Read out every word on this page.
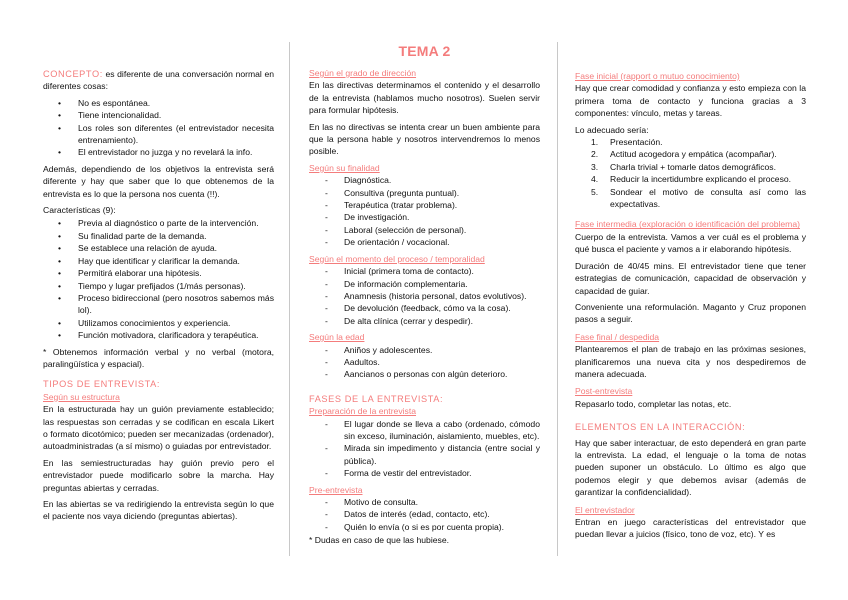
TEMA 2

CONCEPTO: es diferente de una conversación normal en diferentes cosas:

• No es espontánea.
• Tiene intencionalidad.
• Los roles son diferentes (el entrevistador necesita entrenamiento).
• El entrevistador no juzga y no revelará la info.

Además, dependiendo de los objetivos la entrevista será diferente y hay que saber que lo que obtenemos de la entrevista es lo que la persona nos cuenta (!!).

Características (9):

• Previa al diagnóstico o parte de la intervención.
• Su finalidad parte de la demanda.
• Se establece una relación de ayuda.
• Hay que identificar y clarificar la demanda.
• Permitirá elaborar una hipótesis.
• Tiempo y lugar prefijados (1/más personas).
• Proceso bidireccional (pero nosotros sabemos más lol).
• Utilizamos conocimientos y experiencia.
• Función motivadora, clarificadora y terapéutica.

* Obtenemos información verbal y no verbal (motora, paralingüística y espacial).

TIPOS DE ENTREVISTA:
Según su estructura

En la estructurada hay un guión previamente establecido; las respuestas son cerradas y se codifican en escala Likert o formato dicotómico; pueden ser mecanizadas (ordenador), autoadministradas (a sí mismo) o guiadas por entrevistador.

En las semiestructuradas hay guión previo pero el entrevistador puede modificarlo sobre la marcha. Hay preguntas abiertas y cerradas.

En las abiertas se va redirigiendo la entrevista según lo que el paciente nos vaya diciendo (preguntas abiertas).

Según el grado de dirección

En las directivas determinamos el contenido y el desarrollo de la entrevista (hablamos mucho nosotros). Suelen servir para formular hipótesis.

En las no directivas se intenta crear un buen ambiente para que la persona hable y nosotros intervendremos lo menos posible.

Según su finalidad
- Diagnóstica.
- Consultiva (pregunta puntual).
- Terapéutica (tratar problema).
- De investigación.
- Laboral (selección de personal).
- De orientación / vocacional.
Según el momento del proceso / temporalidad
- Inicial (primera toma de contacto).
- De información complementaria.
- Anamnesis (historia personal, datos evolutivos).
- De devolución (feedback, cómo va la cosa).
- De alta clínica (cerrar y despedir).
Según la edad
- Aniños y adolescentes.
- Aadultos.
- Aancianos o personas con algún deterioro.
FASES DE LA ENTREVISTA:
Preparación de la entrevista
- El lugar donde se lleva a cabo (ordenado, cómodo sin exceso, iluminación, aislamiento, muebles, etc).
- Mirada sin impedimento y distancia (entre social y pública).
- Forma de vestir del entrevistador.
Pre-entrevista
- Motivo de consulta.
- Datos de interés (edad, contacto, etc).
- Quién lo envía (o si es por cuenta propia).

* Dudas en caso de que las hubiese.

Fase inicial (rapport o mutuo conocimiento)

Hay que crear comodidad y confianza y esto empieza con la primera toma de contacto y funciona gracias a 3 componentes: vínculo, metas y tareas.

Lo adecuado sería:

1. Presentación.
2. Actitud acogedora y empática (acompañar).
3. Charla trivial + tomarle datos demográficos.
4. Reducir la incertidumbre explicando el proceso.
5. Sondear el motivo de consulta así como las expectativas.
Fase intermedia (exploración o identificación del problema)

Cuerpo de la entrevista. Vamos a ver cuál es el problema y qué busca el paciente y vamos a ir elaborando hipótesis.

Duración de 40/45 mins. El entrevistador tiene que tener estrategias de comunicación, capacidad de observación y capacidad de guiar.

Conveniente una reformulación. Maganto y Cruz proponen pasos a seguir.

Fase final / despedida

Plantearemos el plan de trabajo en las próximas sesiones, planificaremos una nueva cita y nos despediremos de manera adecuada.

Post-entrevista

Repasarlo todo, completar las notas, etc.

ELEMENTOS EN LA INTERACCIÓN:

Hay que saber interactuar, de esto dependerá en gran parte la entrevista. La edad, el lenguaje o la toma de notas pueden suponer un obstáculo. Lo último es algo que podemos elegir y que debemos avisar (además de garantizar la confidencialidad).

El entrevistador

Entran en juego características del entrevistador que puedan llevar a juicios (físico, tono de voz, etc). Y es
